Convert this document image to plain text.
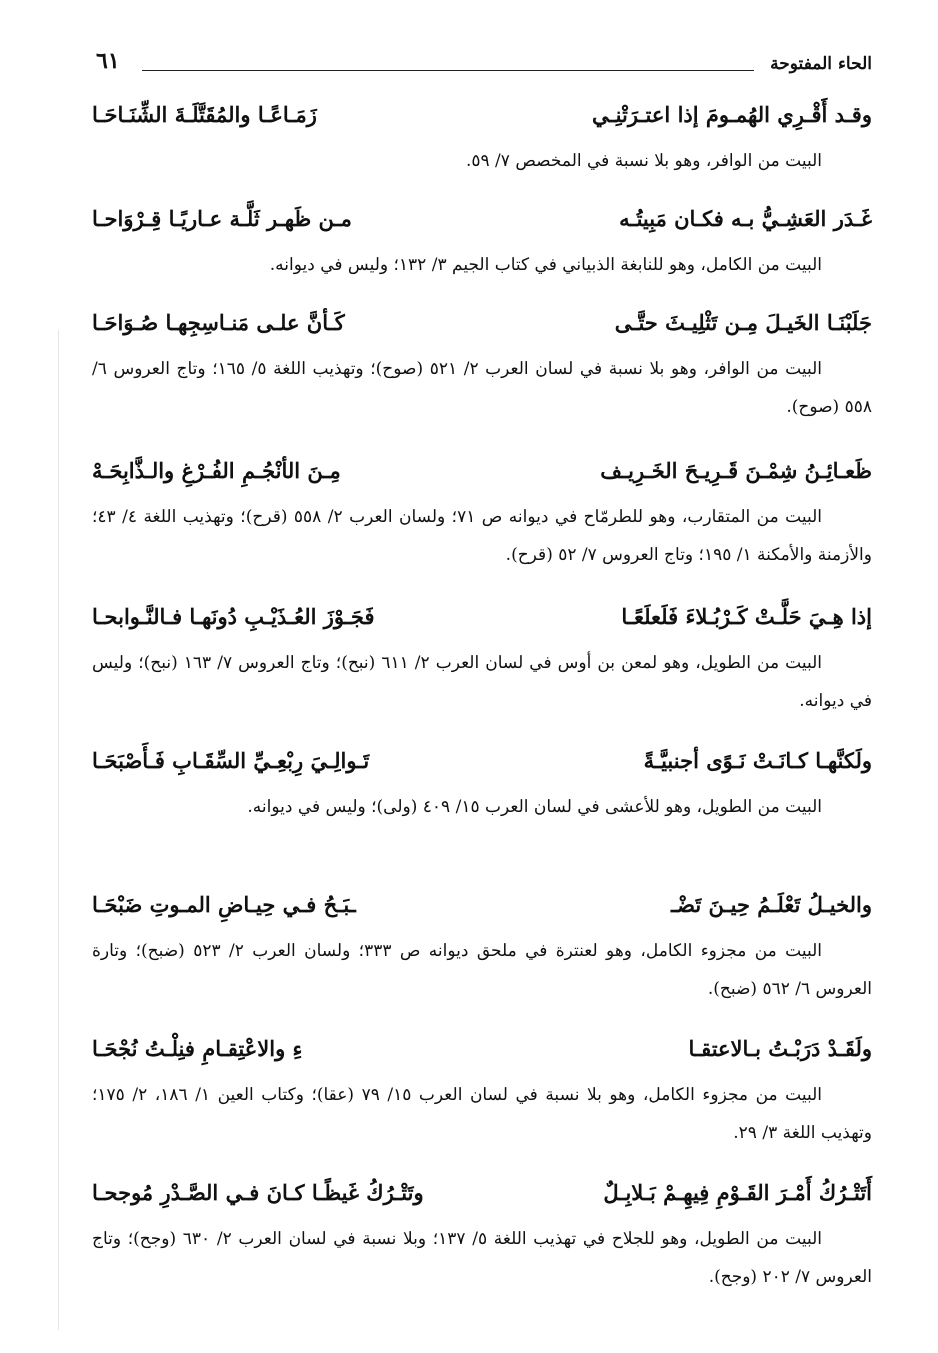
٦١	الحاء المفتوحة
وقـد أَقْـرِي الهُمـومَ إذا اعتـرَتْنِـي
زَمَـاعًـا والمُقَتَّلَـةَ الشِّنَـاحَـا
البيت من الوافر، وهو بلا نسبة في المخصص ٧/ ٥٩.
غَـدَر العَشِـيُّ بـه فكـان مَبِيتُـه
مـن ظَهـر ثَلَّـة عـاريًـا قِـرْوَاحـا
البيت من الكامل، وهو للنابغة الذبياني في كتاب الجيم ٣/ ١٣٢؛ وليس في ديوانه.
جَلَبْنَـا الخَيـلَ مِـن تَثْلِيـثَ حتَّـى
كَـأنَّ علـى مَنـاسِجِهـا صُـوَاحَـا
البيت من الوافر، وهو بلا نسبة في لسان العرب ٢/ ٥٢١ (صوح)؛ وتهذيب اللغة ٥/ ١٦٥؛ وتاج العروس ٦/ ٥٥٨ (صوح).
ظَعـائِـنُ شِمْـنَ قَـرِيـحَ الخَـرِيـف
مِـنَ الأنْجُـمِ الفُـرْغِ والـذَّابِحَـهْ
البيت من المتقارب، وهو للطرمّاح في ديوانه ص ٧١؛ ولسان العرب ٢/ ٥٥٨ (قرح)؛ وتهذيب اللغة ٤/ ٤٣؛ والأزمنة والأمكنة ١/ ١٩٥؛ وتاج العروس ٧/ ٥٢ (قرح).
إذا هِـيَ حَلَّـتْ كَـرْبُـلاءَ فَلَعلَعًـا
فَجَـوْزَ العُـذَيْـبِ دُونَهـا فـالنَّـوابحـا
البيت من الطويل، وهو لمعن بن أوس في لسان العرب ٢/ ٦١١ (نبح)؛ وتاج العروس ٧/ ١٦٣ (نبح)؛ وليس في ديوانه.
ولَكنَّهـا كـانَـتْ نَـوًى أجنبيَّـةً
تَـوالِـيَ رِبْعِـيِّ السِّقَـابِ فَـأَصْبَحَـا
البيت من الطويل، وهو للأعشى في لسان العرب ١٥/ ٤٠٩ (ولى)؛ وليس في ديوانه.
والخيـلُ تَعْلَـمُ حِيـنَ تَضْـ
ـبَـحُ فـي حِيـاضِ المـوتِ ضَبْحَـا
البيت من مجزوء الكامل، وهو لعنترة في ملحق ديوانه ص ٣٣٣؛ ولسان العرب ٢/ ٥٢٣ (ضبح)؛ وتارة العروس ٦/ ٥٦٢ (ضبح).
ولَقَـدْ دَرَبْـتُ بـالاعتقـا
ءِ والاعْتِقـامِ فنِلْـتُ نُجْحَـا
البيت من مجزوء الكامل، وهو بلا نسبة في لسان العرب ١٥/ ٧٩ (عقا)؛ وكتاب العين ١/ ١٨٦، ٢/ ١٧٥؛ وتهذيب اللغة ٣/ ٢٩.
أَتَتْـرُكُ أَمْـرَ القَـوْمِ فِيهِـمْ بَـلابِـلٌ
وتَتْـرُكُ غَيظًـا كـانَ فـي الصَّـدْرِ مُوجحـا
البيت من الطويل، وهو للجلاح في تهذيب اللغة ٥/ ١٣٧؛ وبلا نسبة في لسان العرب ٢/ ٦٣٠ (وجح)؛ وتاج العروس ٧/ ٢٠٢ (وجح).
